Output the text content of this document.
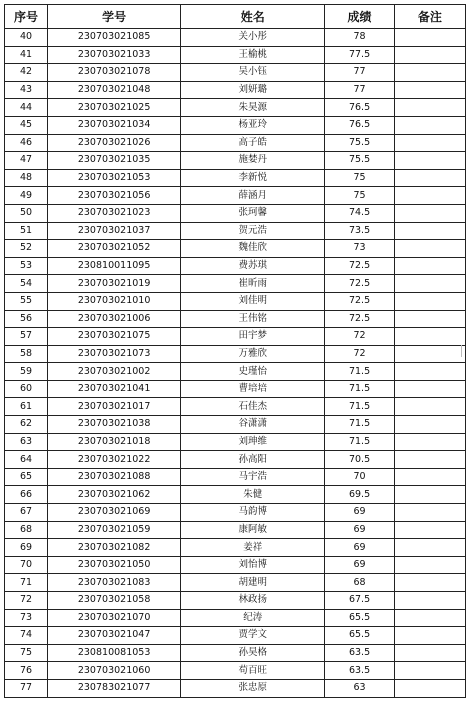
序号	学号	姓名	成绩	备注
40	230703021085	关小彤	78	
41	230703021033	王榆桃	77.5	
42	230703021078	吴小钰	77	
43	230703021048	刘妍璐	77	
44	230703021025	朱昊源	76.5	
45	230703021034	杨亚玲	76.5	
46	230703021026	高子皓	75.5	
47	230703021035	施婪丹	75.5	
48	230703021053	李新悦	75	
49	230703021056	薛涵月	75	
50	230703021023	张珂馨	74.5	
51	230703021037	贺元浩	73.5	
52	230703021052	魏佳欣	73	
53	230810011095	费苏琪	72.5	
54	230703021019	崔昕雨	72.5	
55	230703021010	刘佳明	72.5	
56	230703021006	王伟铭	72.5	
57	230703021075	田宇梦	72	
58	230703021073	万雅欣	72	
59	230703021002	史瑾怡	71.5	
60	230703021041	曹培培	71.5	
61	230703021017	石佳杰	71.5	
62	230703021038	谷潇潇	71.5	
63	230703021018	刘珅维	71.5	
64	230703021022	孙高阳	70.5	
65	230703021088	马宇浩	70	
66	230703021062	朱健	69.5	
67	230703021069	马韵博	69	
68	230703021059	康阿敏	69	
69	230703021082	姜祥	69	
70	230703021050	刘怡博	69	
71	230703021083	胡建明	68	
72	230703021058	林政扬	67.5	
73	230703021070	纪涛	65.5	
74	230703021047	贾学文	65.5	
75	230810081053	孙昊格	63.5	
76	230703021060	苟百旺	63.5	
77	230783021077	张忠原	63	
